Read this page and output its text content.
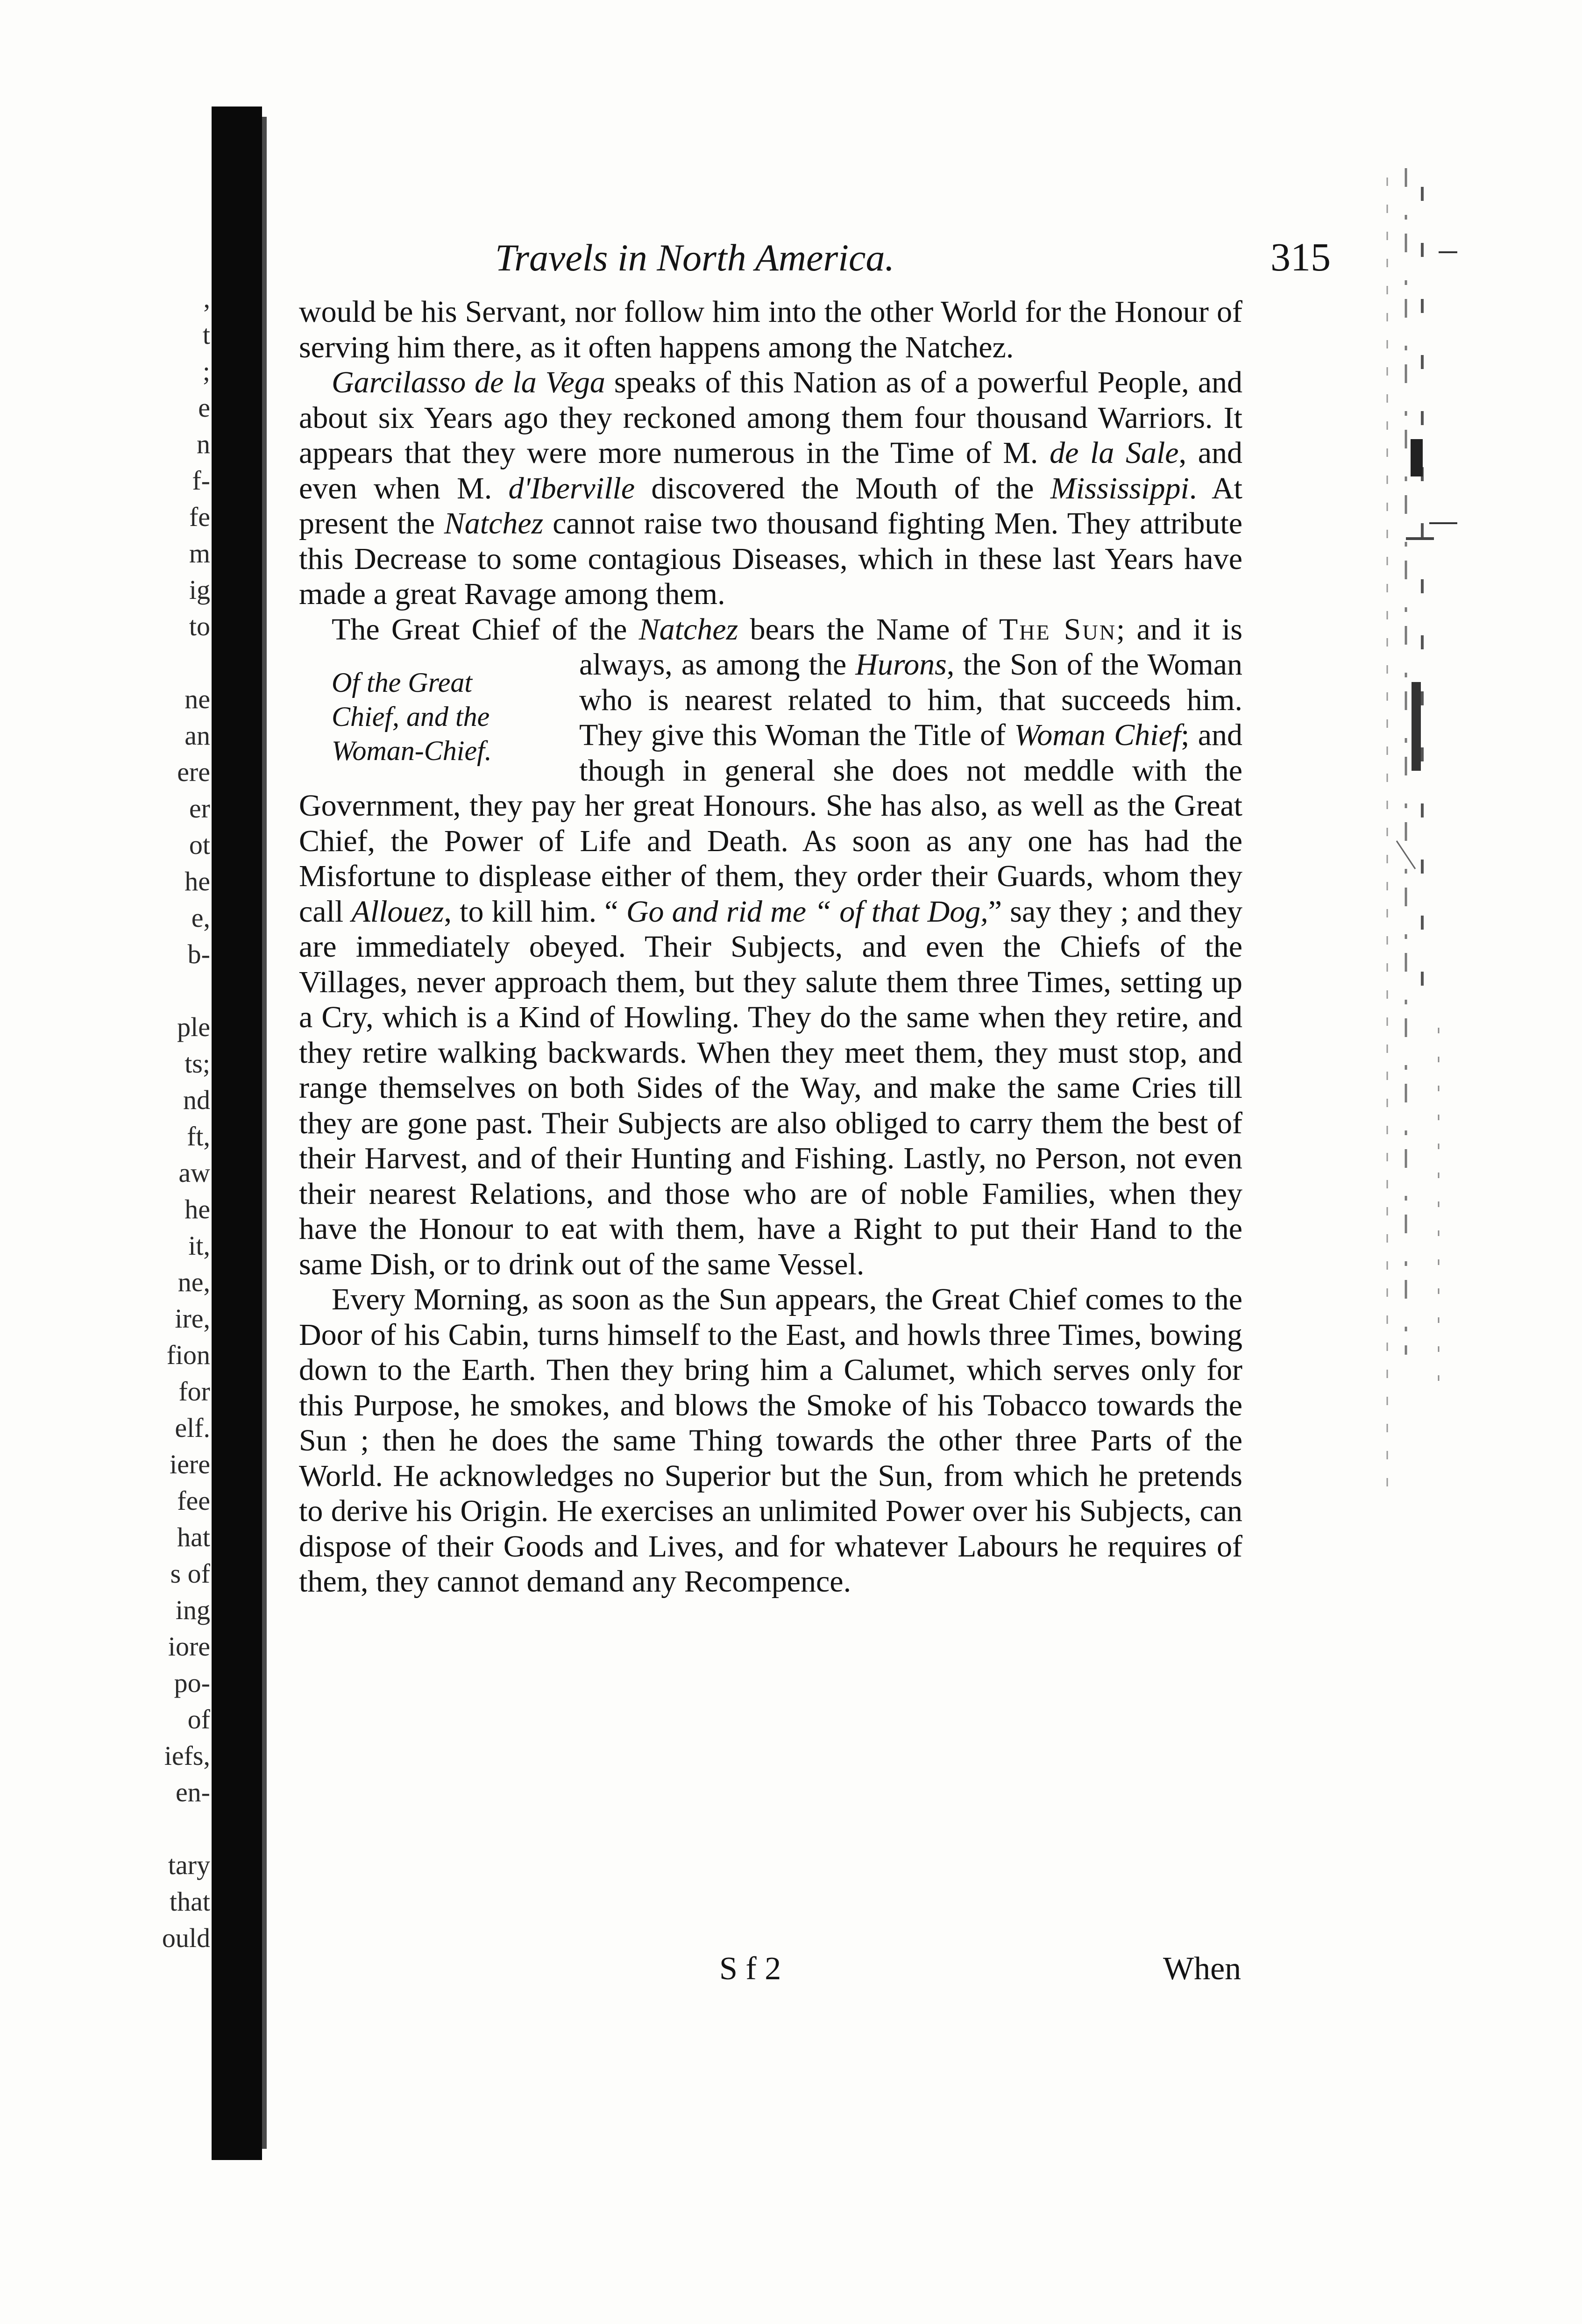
,
t
;
e
n
f-
fe
m
ig
to
ne
an
ere
er
ot
he
e,
b-
ple
ts;
nd
ft,
aw
he
it,
ne,
ire,
fion
for
elf.
iere
fee
hat
s of
ing
iore
po-
of
iefs,
en-
tary
that
ould
Travels in North America.	315

would be his Servant, nor follow him into the other World for the Honour of serving him there, as it often happens among the Natchez.

Garcilasso de la Vega speaks of this Nation as of a powerful People, and about six Years ago they reckoned among them four thousand Warriors. It appears that they were more numerous in the Time of M. de la Sale, and even when M. d'Iberville discovered the Mouth of the Mississippi. At present the Natchez cannot raise two thousand fighting Men. They attribute this Decrease to some contagious Diseases, which in these last Years have made a great Ravage among them.

The Great Chief of the Natchez bears the Name of The Sun; and it is always, as among the
Of the Great
Chief, and the
Woman-Chief.
Hurons, the Son of the Woman who is nearest related to him, that succeeds him. They give this Woman the Title of Woman Chief; and though in general she does not meddle with the Government, they pay her great Honours. She has also, as well as the Great Chief, the Power of Life and Death. As soon as any one has had the Misfortune to displease either of them, they order their Guards, whom they call Allouez, to kill him. “ Go and rid me “ of that Dog,” say they ; and they are immediately obeyed. Their Subjects, and even the Chiefs of the Villages, never approach them, but they salute them three Times, setting up a Cry, which is a Kind of Howling. They do the same when they retire, and they retire walking backwards. When they meet them, they must stop, and range themselves on both Sides of the Way, and make the same Cries till they are gone past. Their Subjects are also obliged to carry them the best of their Harvest, and of their Hunting and Fishing. Lastly, no Person, not even their nearest Relations, and those who are of noble Families, when they have the Honour to eat with them, have a Right to put their Hand to the same Dish, or to drink out of the same Vessel.

Every Morning, as soon as the Sun appears, the Great Chief comes to the Door of his Cabin, turns himself to the East, and howls three Times, bowing down to the Earth. Then they bring him a Calumet, which serves only for this Purpose, he smokes, and blows the Smoke of his Tobacco towards the Sun ; then he does the same Thing towards the other three Parts of the World. He acknowledges no Superior but the Sun, from which he pretends to derive his Origin. He exercises an unlimited Power over his Subjects, can dispose of their Goods and Lives, and for whatever Labours he requires of them, they cannot demand any Recompence.

S f 2	When
